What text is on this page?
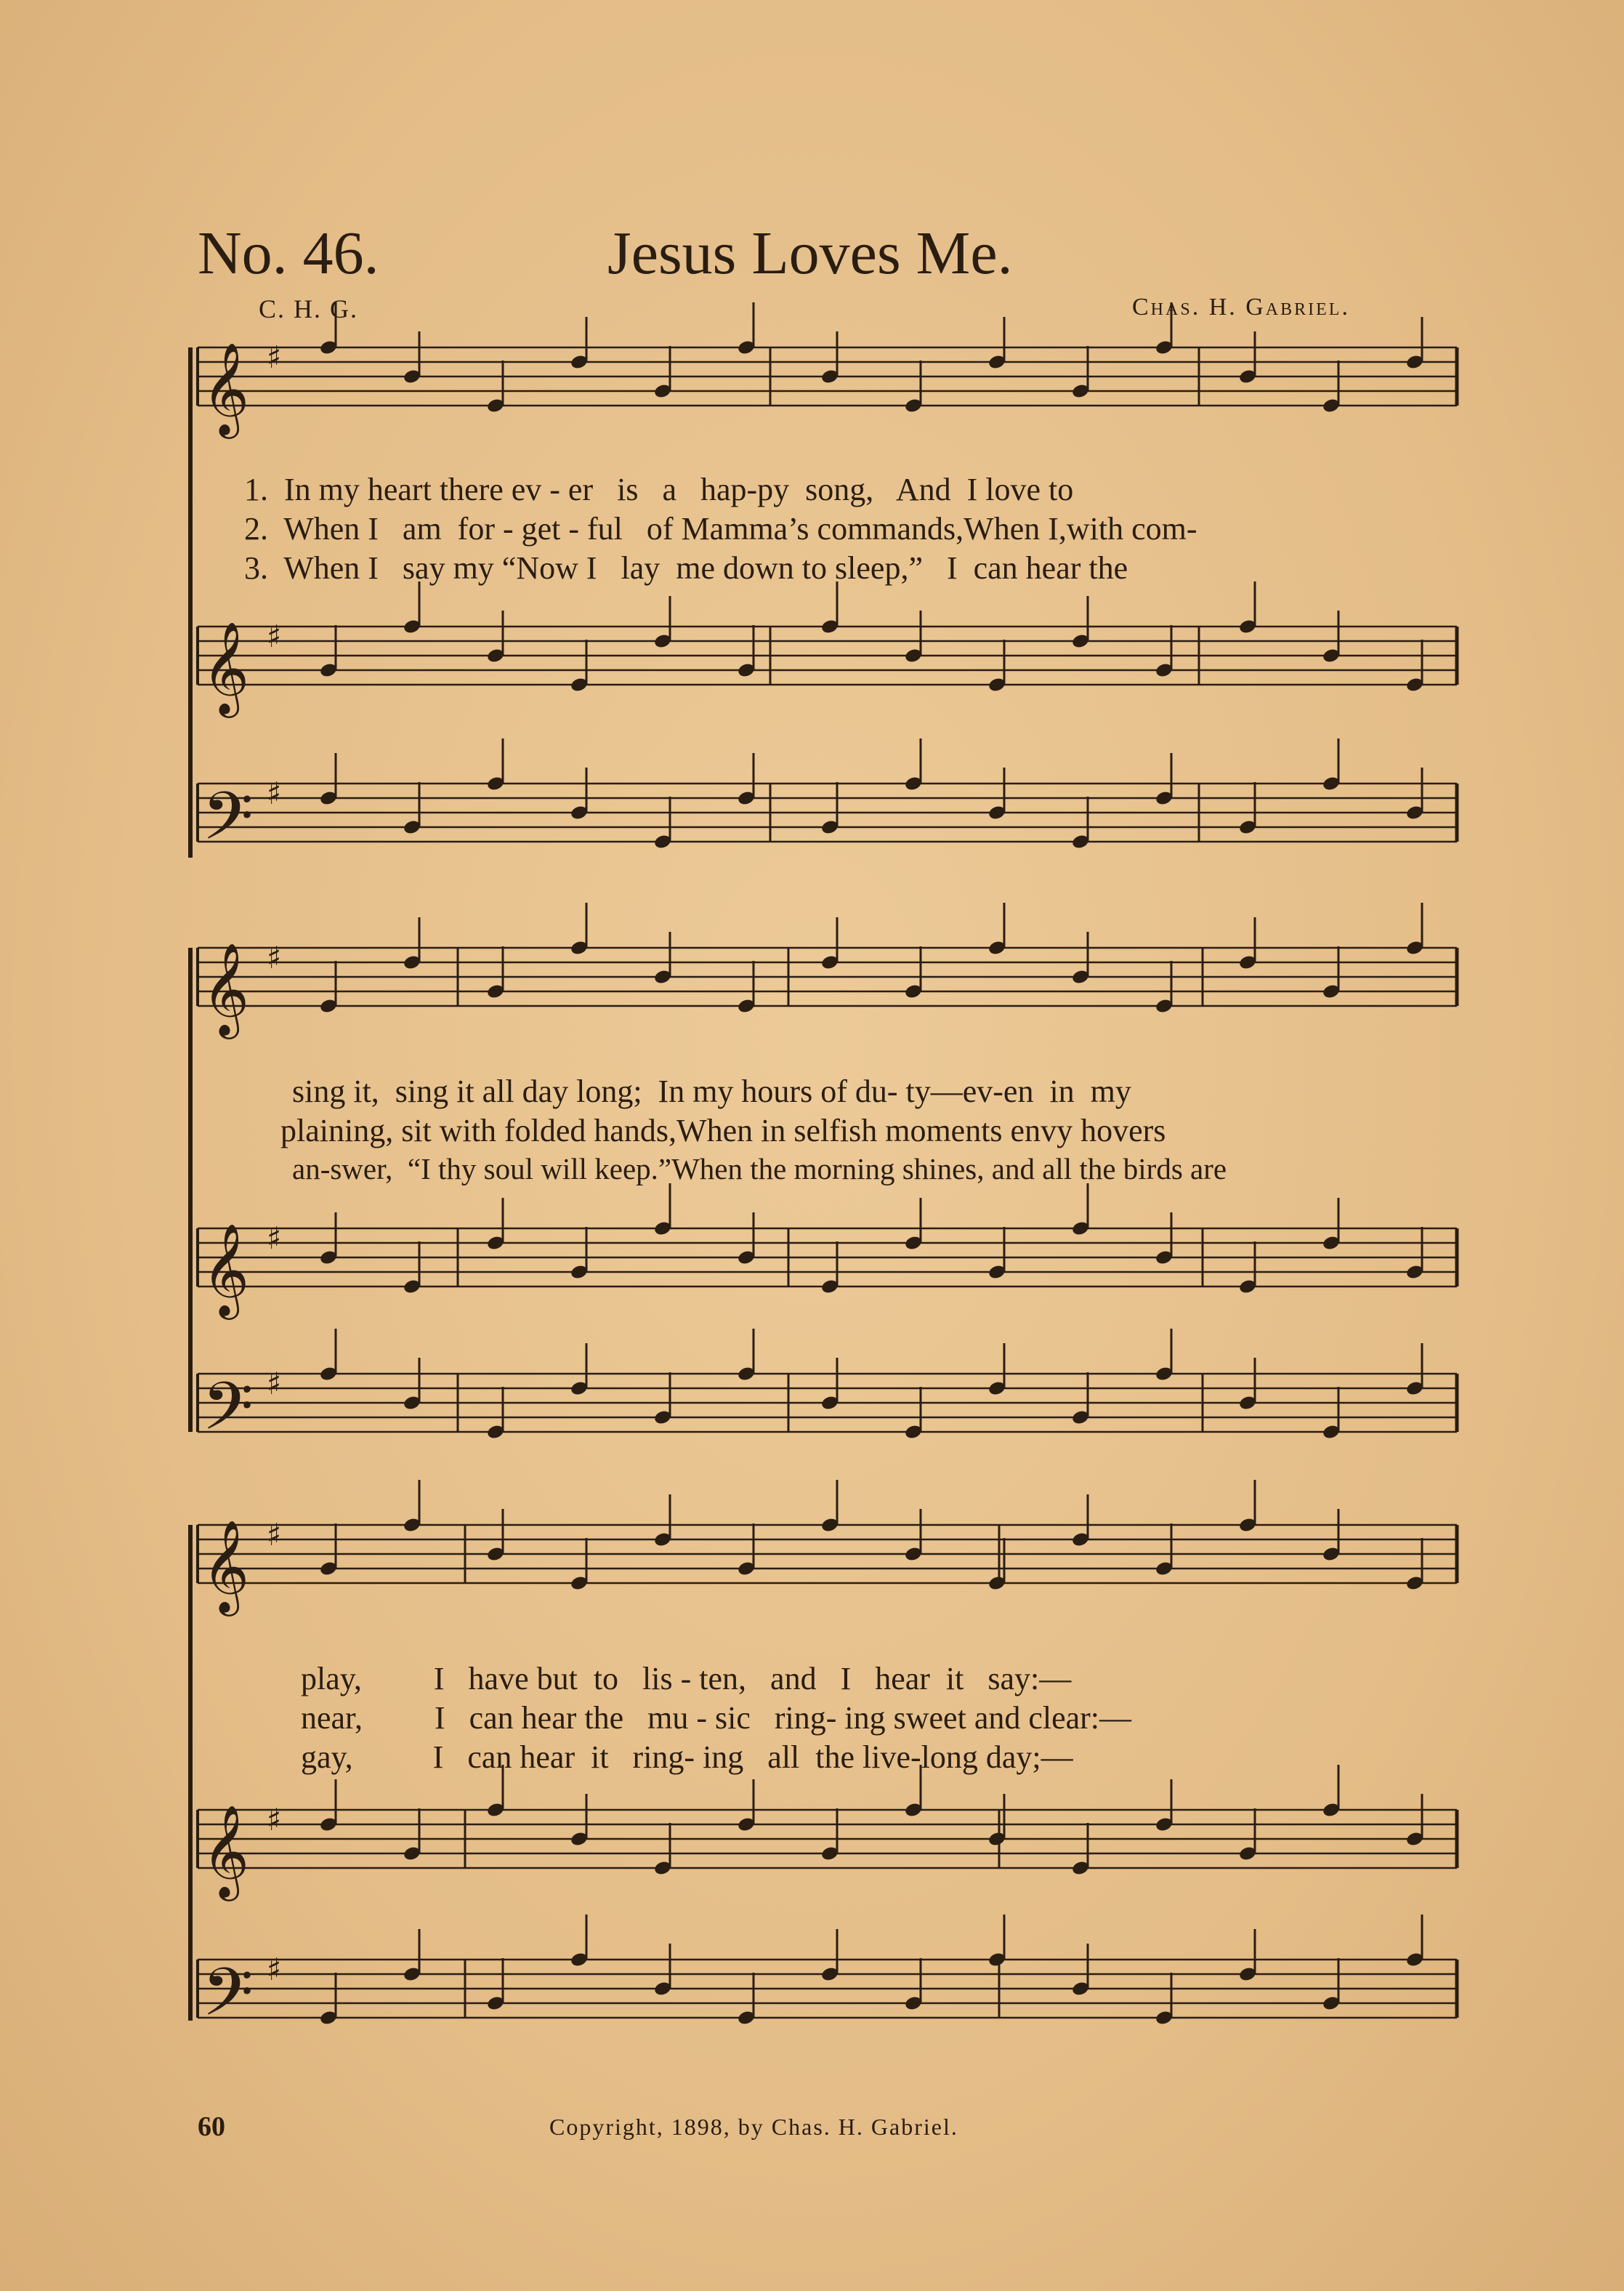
No. 46.	Jesus Loves Me.
C. H. G.	Chas. H. Gabriel.
𝄞 ♯
𝄞 ♯
𝄢 ♯
𝄞 ♯
𝄞 ♯
𝄢 ♯
𝄞 ♯
𝄞 ♯
𝄢 ♯
1.  In my heart there ev - er   is   a   hap-py  song,   And  I love to
2.  When I   am  for - get - ful   of Mamma’s commands,When I,with com-
3.  When I   say my “Now I   lay  me down to sleep,”   I  can hear the
sing it,  sing it all day long;  In my hours of du- ty—ev-en  in  my
plaining, sit with folded hands,When in selfish moments envy hovers
an-swer,  “I thy soul will keep.”When the morning shines, and all the birds are
play,         I   have but  to   lis - ten,   and   I   hear  it   say:—
near,         I   can hear the   mu - sic   ring- ing sweet and clear:—
gay,          I   can hear  it   ring- ing   all  the live-long day;—
60	Copyright, 1898, by Chas. H. Gabriel.
